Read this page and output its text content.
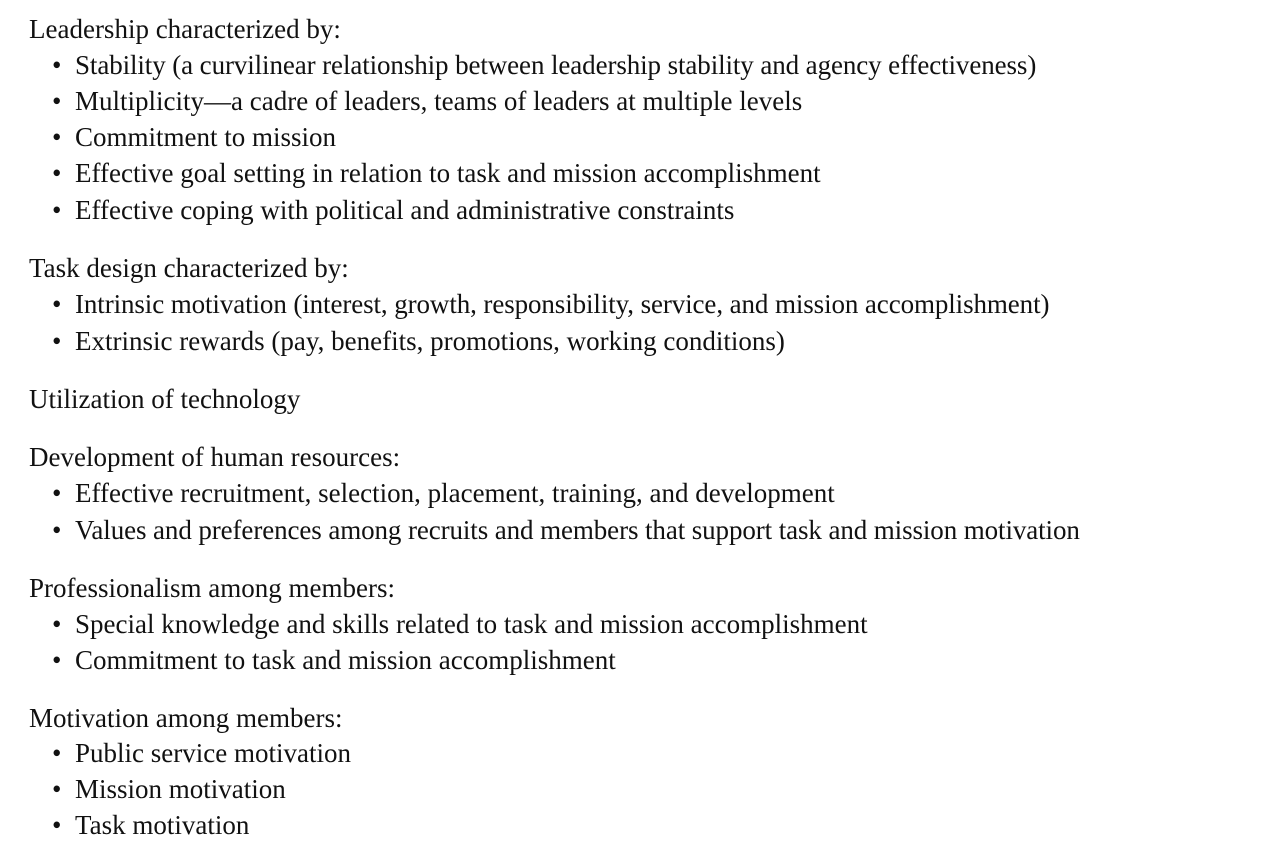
Leadership characterized by:
• Stability (a curvilinear relationship between leadership stability and agency effectiveness)
• Multiplicity—a cadre of leaders, teams of leaders at multiple levels
• Commitment to mission
• Effective goal setting in relation to task and mission accomplishment
• Effective coping with political and administrative constraints
Task design characterized by:
• Intrinsic motivation (interest, growth, responsibility, service, and mission accomplishment)
• Extrinsic rewards (pay, benefits, promotions, working conditions)
Utilization of technology
Development of human resources:
• Effective recruitment, selection, placement, training, and development
• Values and preferences among recruits and members that support task and mission motivation
Professionalism among members:
• Special knowledge and skills related to task and mission accomplishment
• Commitment to task and mission accomplishment
Motivation among members:
• Public service motivation
• Mission motivation
• Task motivation
